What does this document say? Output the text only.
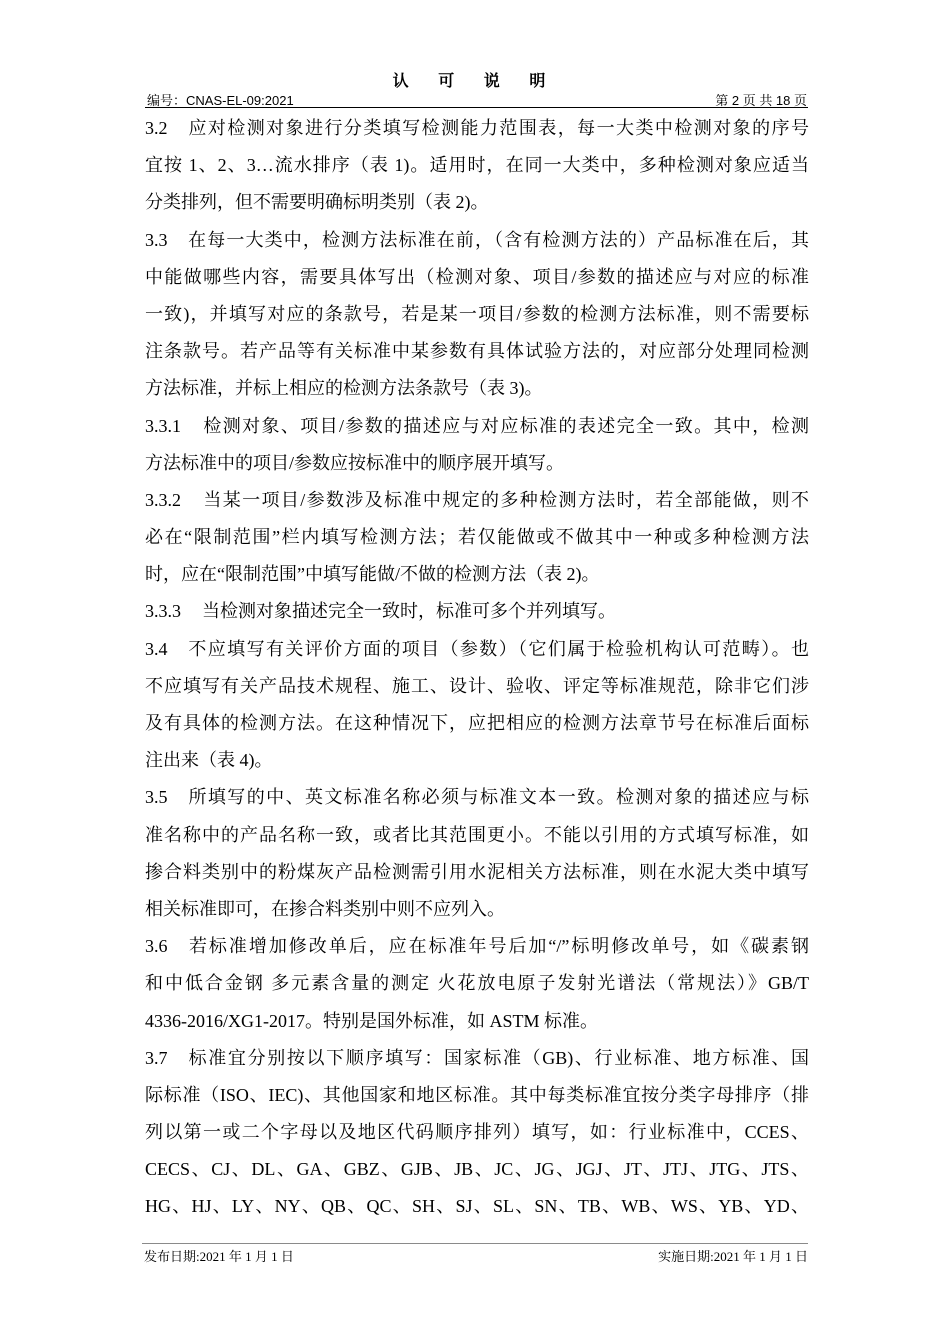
认 可 说 明
编号：CNAS-EL-09:2021	第 2 页 共 18 页
3.2 应对检测对象进行分类填写检测能力范围表，每一大类中检测对象的序号
宜按 1、2、3…流水排序（表 1)。适用时，在同一大类中，多种检测对象应适当
分类排列，但不需要明确标明类别（表 2)。
3.3 在每一大类中，检测方法标准在前，（含有检测方法的）产品标准在后，其
中能做哪些内容，需要具体写出（检测对象、项目/参数的描述应与对应的标准
一致)，并填写对应的条款号，若是某一项目/参数的检测方法标准，则不需要标
注条款号。若产品等有关标准中某参数有具体试验方法的，对应部分处理同检测
方法标准，并标上相应的检测方法条款号（表 3)。
3.3.1 检测对象、项目/参数的描述应与对应标准的表述完全一致。其中，检测
方法标准中的项目/参数应按标准中的顺序展开填写。
3.3.2 当某一项目/参数涉及标准中规定的多种检测方法时，若全部能做，则不
必在“限制范围”栏内填写检测方法；若仅能做或不做其中一种或多种检测方法
时，应在“限制范围”中填写能做/不做的检测方法（表 2)。
3.3.3 当检测对象描述完全一致时，标准可多个并列填写。
3.4 不应填写有关评价方面的项目（参数）（它们属于检验机构认可范畴）。也
不应填写有关产品技术规程、施工、设计、验收、评定等标准规范，除非它们涉
及有具体的检测方法。在这种情况下，应把相应的检测方法章节号在标准后面标
注出来（表 4)。
3.5 所填写的中、英文标准名称必须与标准文本一致。检测对象的描述应与标
准名称中的产品名称一致，或者比其范围更小。不能以引用的方式填写标准，如
掺合料类别中的粉煤灰产品检测需引用水泥相关方法标准，则在水泥大类中填写
相关标准即可，在掺合料类别中则不应列入。
3.6 若标准增加修改单后，应在标准年号后加“/”标明修改单号，如《碳素钢
和中低合金钢 多元素含量的测定 火花放电原子发射光谱法（常规法）》GB/T
4336-2016/XG1-2017。特别是国外标准，如 ASTM 标准。
3.7 标准宜分别按以下顺序填写：国家标准（GB)、行业标准、地方标准、国
际标准（ISO、IEC)、其他国家和地区标准。其中每类标准宜按分类字母排序（排
列以第一或二个字母以及地区代码顺序排列）填写，如：行业标准中，CCES、
CECS、CJ、DL、GA、GBZ、GJB、JB、JC、JG、JGJ、JT、JTJ、JTG、JTS、
HG、HJ、LY、NY、QB、QC、SH、SJ、SL、SN、TB、WB、WS、YB、YD、
发布日期:2021 年 1 月 1 日	实施日期:2021 年 1 月 1 日
